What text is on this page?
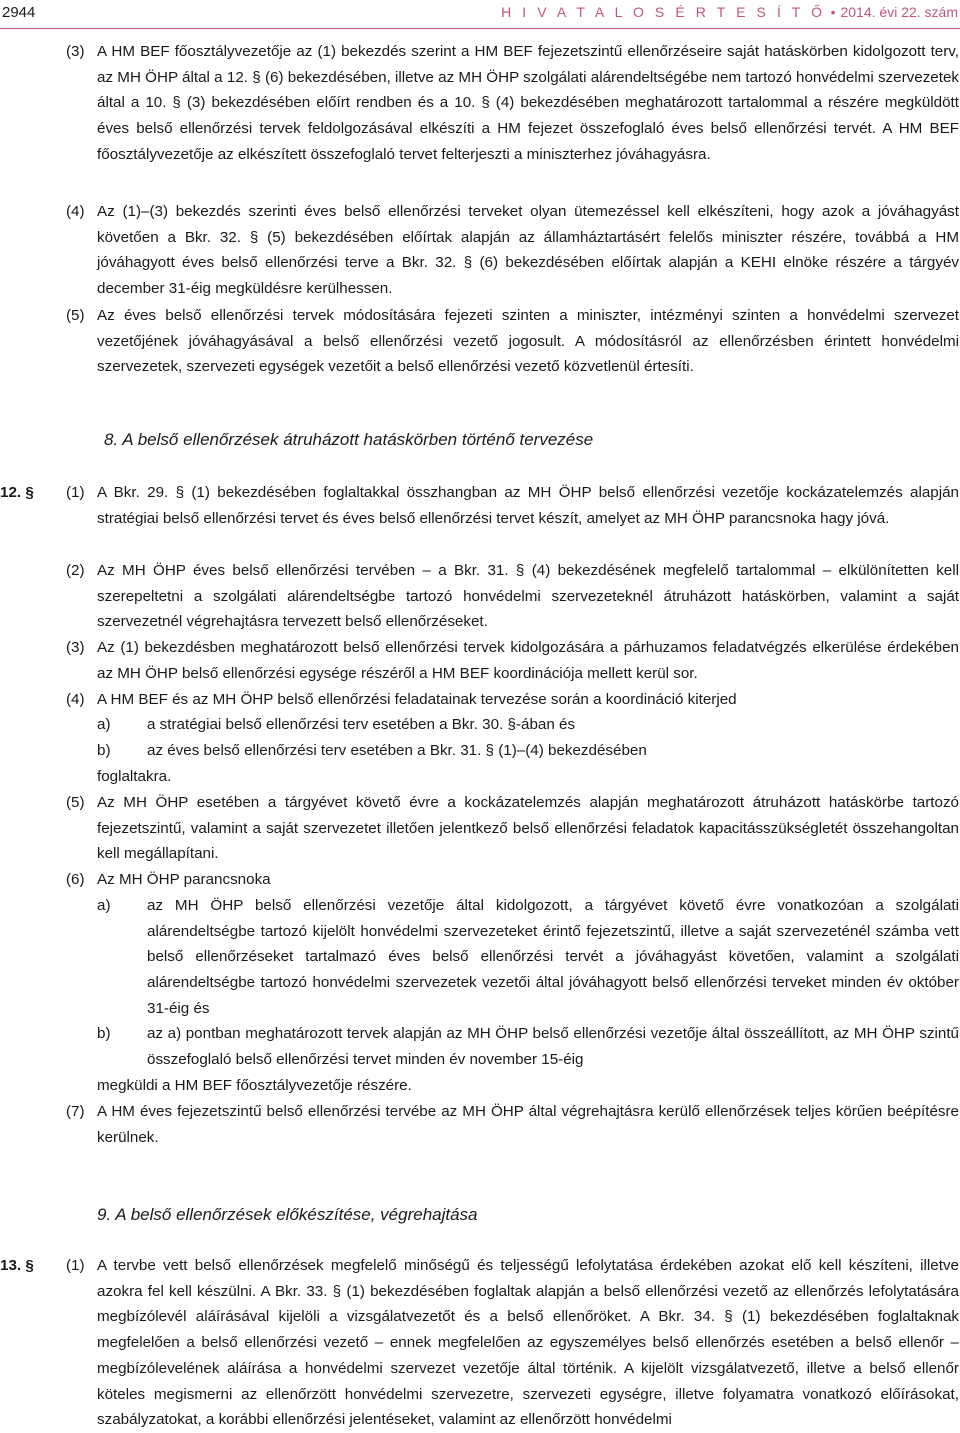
2944	H I V A T A L O S É R T E S Í T Ő • 2014. évi 22. szám
(3) A HM BEF főosztályvezetője az (1) bekezdés szerint a HM BEF fejezetszintű ellenőrzéseire saját hatáskörben kidolgozott terv, az MH ÖHP által a 12. § (6) bekezdésében, illetve az MH ÖHP szolgálati alárendeltségébe nem tartozó honvédelmi szervezetek által a 10. § (3) bekezdésében előírt rendben és a 10. § (4) bekezdésében meghatározott tartalommal a részére megküldött éves belső ellenőrzési tervek feldolgozásával elkészíti a HM fejezet összefoglaló éves belső ellenőrzési tervét. A HM BEF főosztályvezetője az elkészített összefoglaló tervet felterjeszti a miniszterhez jóváhagyásra.

(4) Az (1)–(3) bekezdés szerinti éves belső ellenőrzési terveket olyan ütemezéssel kell elkészíteni, hogy azok a jóváhagyást követően a Bkr. 32. § (5) bekezdésében előírtak alapján az államháztartásért felelős miniszter részére, továbbá a HM jóváhagyott éves belső ellenőrzési terve a Bkr. 32. § (6) bekezdésében előírtak alapján a KEHI elnöke részére a tárgyév december 31-éig megküldésre kerülhessen.

(5) Az éves belső ellenőrzési tervek módosítására fejezeti szinten a miniszter, intézményi szinten a honvédelmi szervezet vezetőjének jóváhagyásával a belső ellenőrzési vezető jogosult. A módosításról az ellenőrzésben érintett honvédelmi szervezetek, szervezeti egységek vezetőit a belső ellenőrzési vezető közvetlenül értesíti.

8. A belső ellenőrzések átruházott hatáskörben történő tervezése
12. § (1) A Bkr. 29. § (1) bekezdésében foglaltakkal összhangban az MH ÖHP belső ellenőrzési vezetője kockázatelemzés alapján stratégiai belső ellenőrzési tervet és éves belső ellenőrzési tervet készít, amelyet az MH ÖHP parancsnoka hagy jóvá.

(2) Az MH ÖHP éves belső ellenőrzési tervében – a Bkr. 31. § (4) bekezdésének megfelelő tartalommal – elkülönítetten kell szerepeltetni a szolgálati alárendeltségbe tartozó honvédelmi szervezeteknél átruházott hatáskörben, valamint a saját szervezetnél végrehajtásra tervezett belső ellenőrzéseket.

(3) Az (1) bekezdésben meghatározott belső ellenőrzési tervek kidolgozására a párhuzamos feladatvégzés elkerülése érdekében az MH ÖHP belső ellenőrzési egysége részéről a HM BEF koordinációja mellett kerül sor.

(4) A HM BEF és az MH ÖHP belső ellenőrzési feladatainak tervezése során a koordináció kiterjed

a)	a stratégiai belső ellenőrzési terv esetében a Bkr. 30. §-ában és

b)	az éves belső ellenőrzési terv esetében a Bkr. 31. § (1)–(4) bekezdésében

foglaltakra.

(5) Az MH ÖHP esetében a tárgyévet követő évre a kockázatelemzés alapján meghatározott átruházott hatáskörbe tartozó fejezetszintű, valamint a saját szervezetet illetően jelentkező belső ellenőrzési feladatok kapacitásszükségletét összehangoltan kell megállapítani.

(6) Az MH ÖHP parancsnoka

a)	az MH ÖHP belső ellenőrzési vezetője által kidolgozott, a tárgyévet követő évre vonatkozóan a szolgálati alárendeltségbe tartozó kijelölt honvédelmi szervezeteket érintő fejezetszintű, illetve a saját szervezeténél számba vett belső ellenőrzéseket tartalmazó éves belső ellenőrzési tervét a jóváhagyást követően, valamint a szolgálati alárendeltségbe tartozó honvédelmi szervezetek vezetői által jóváhagyott belső ellenőrzési terveket minden év október 31-éig és

b)	az a) pontban meghatározott tervek alapján az MH ÖHP belső ellenőrzési vezetője által összeállított, az MH ÖHP szintű összefoglaló belső ellenőrzési tervet minden év november 15-éig

megküldi a HM BEF főosztályvezetője részére.

(7) A HM éves fejezetszintű belső ellenőrzési tervébe az MH ÖHP által végrehajtásra kerülő ellenőrzések teljes körűen beépítésre kerülnek.

9. A belső ellenőrzések előkészítése, végrehajtása
13. § (1) A tervbe vett belső ellenőrzések megfelelő minőségű és teljességű lefolytatása érdekében azokat elő kell készíteni, illetve azokra fel kell készülni. A Bkr. 33. § (1) bekezdésében foglaltak alapján a belső ellenőrzési vezető az ellenőrzés lefolytatására megbízólevél aláírásával kijelöli a vizsgálatvezetőt és a belső ellenőröket. A Bkr. 34. § (1) bekezdésében foglaltaknak megfelelően a belső ellenőrzési vezető – ennek megfelelően az egyszemélyes belső ellenőrzés esetében a belső ellenőr – megbízólevelének aláírása a honvédelmi szervezet vezetője által történik. A kijelölt vizsgálatvezető, illetve a belső ellenőr köteles megismerni az ellenőrzött honvédelmi szervezetre, szervezeti egységre, illetve folyamatra vonatkozó előírásokat, szabályzatokat, a korábbi ellenőrzési jelentéseket, valamint az ellenőrzött honvédelmi
